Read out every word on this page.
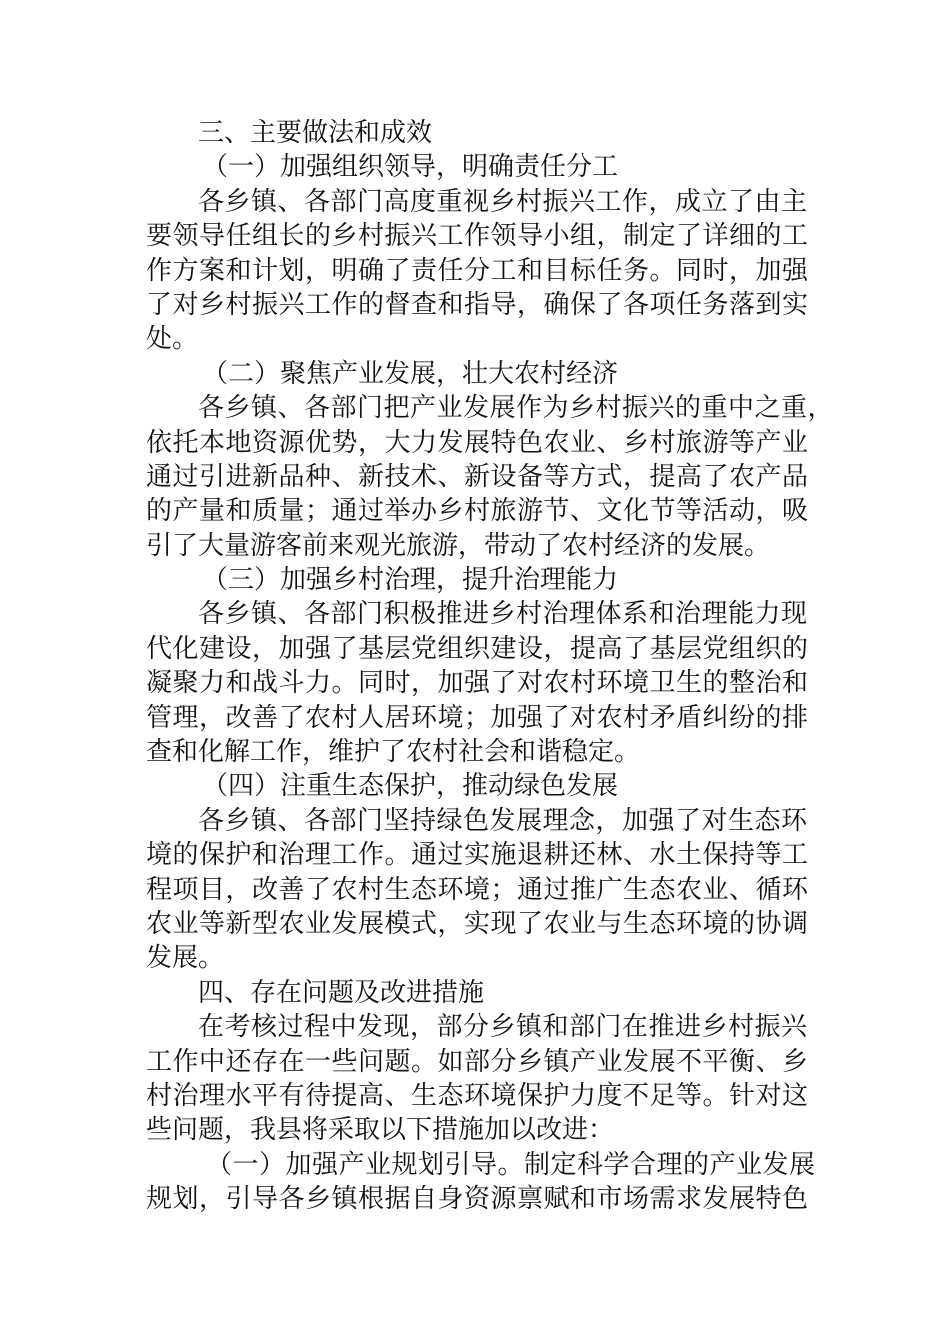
三、主要做法和成效
（一）加强组织领导，明确责任分工
各乡镇、各部门高度重视乡村振兴工作，成立了由主
要领导任组长的乡村振兴工作领导小组，制定了详细的工
作方案和计划，明确了责任分工和目标任务。同时，加强
了对乡村振兴工作的督查和指导，确保了各项任务落到实
处。
（二）聚焦产业发展，壮大农村经济
各乡镇、各部门把产业发展作为乡村振兴的重中之重，
依托本地资源优势，大力发展特色农业、乡村旅游等产业
通过引进新品种、新技术、新设备等方式，提高了农产品
的产量和质量；通过举办乡村旅游节、文化节等活动，吸
引了大量游客前来观光旅游，带动了农村经济的发展。
（三）加强乡村治理，提升治理能力
各乡镇、各部门积极推进乡村治理体系和治理能力现
代化建设，加强了基层党组织建设，提高了基层党组织的
凝聚力和战斗力。同时，加强了对农村环境卫生的整治和
管理，改善了农村人居环境；加强了对农村矛盾纠纷的排
查和化解工作，维护了农村社会和谐稳定。
（四）注重生态保护，推动绿色发展
各乡镇、各部门坚持绿色发展理念，加强了对生态环
境的保护和治理工作。通过实施退耕还林、水土保持等工
程项目，改善了农村生态环境；通过推广生态农业、循环
农业等新型农业发展模式，实现了农业与生态环境的协调
发展。
四、存在问题及改进措施
在考核过程中发现，部分乡镇和部门在推进乡村振兴
工作中还存在一些问题。如部分乡镇产业发展不平衡、乡
村治理水平有待提高、生态环境保护力度不足等。针对这
些问题，我县将采取以下措施加以改进：
（一）加强产业规划引导。制定科学合理的产业发展
规划，引导各乡镇根据自身资源禀赋和市场需求发展特色
